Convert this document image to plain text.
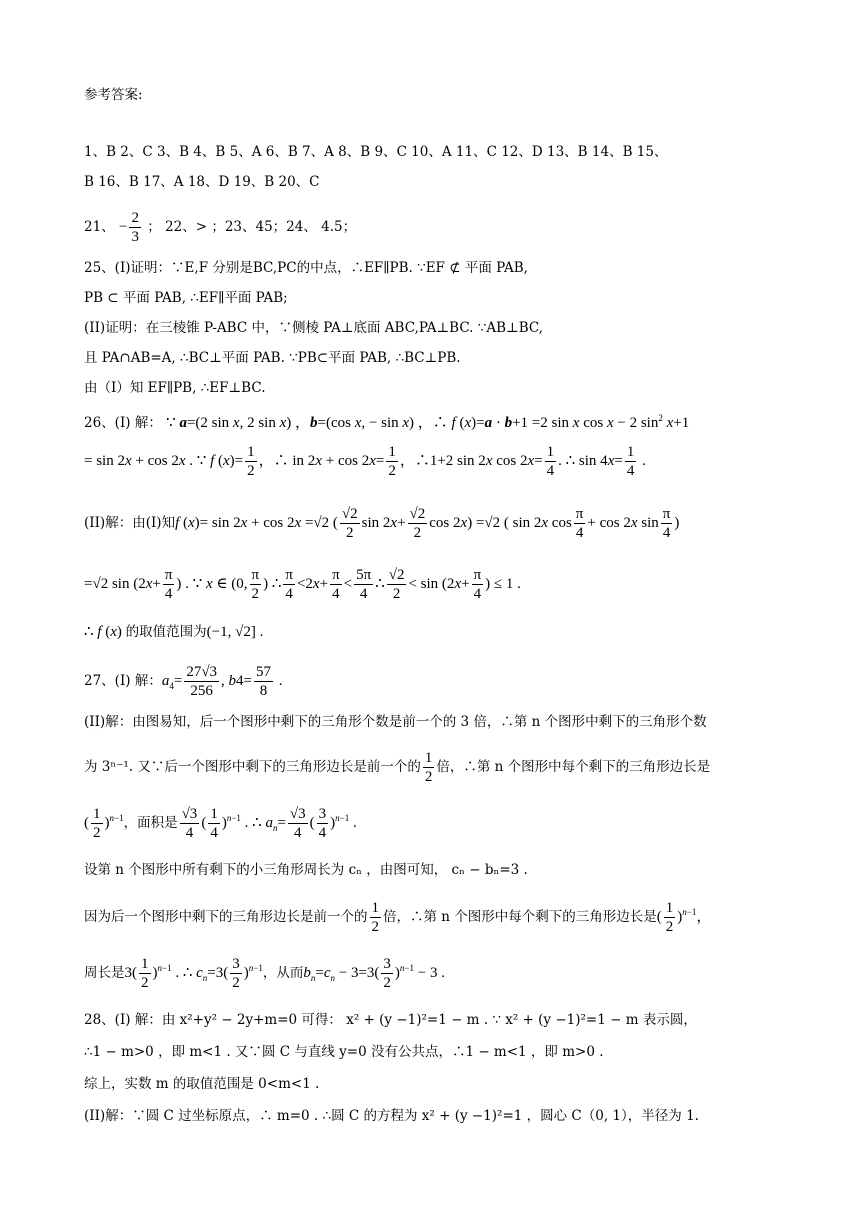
参考答案:
1、B 2、C 3、B 4、B 5、A 6、B 7、A 8、B 9、C 10、A 11、C 12、D 13、B 14、B 15、
B 16、B 17、A 18、D 19、B 20、C
21、 − $\frac{2}{3}$ ； 22、> ；23、45；24、 4.5；
25、(I)证明：∵E,F 分别是BC,PC的中点，∴EF∥PB. ∵EF ⊄ 平面 PAB,
PB ⊂ 平面 PAB, ∴EF∥平面 PAB;
(II)证明：在三棱锥 P-ABC 中，∵侧棱 PA⊥底面 ABC,PA⊥BC. ∵AB⊥BC,
且 PA∩AB=A, ∴BC⊥平面 PAB. ∵PB⊂平面 PAB, ∴BC⊥PB.
由（I）知 EF∥PB, ∴EF⊥BC.
26、(I) 解： ∵ a=(2 sin x, 2 sin x) ，b=(cos x, − sin x) ，∴ f (x)=a · b+1 =2 sin x cos x − 2 $\sin^2 x+1$
= sin 2x + cos 2x . ∵ f $(x)= \frac{1}{2}$ ，∴ in $2x + \cos 2x= \frac{1}{2}$ ，∴1+2 sin 2x $\cos 2x= \frac{1}{4}$ . ∴ $\sin 4x= \frac{1}{4}$ .
(II)解：由(I)知f (x)= sin 2x + cos 2x =√2 ( $\frac{√2}{2}$ $\sin 2x+ \frac{√2}{2}$ cos 2x) =√2 ( sin 2x $\cos \frac{\pi}{4} + \cos 2x$ $\sin \frac{\pi}{4}$ )
=√2 $\sin (2x+ \frac{\pi}{4}$ ) . ∵ x ∈ (0, $\frac{\pi}{2}$ ) ∴ $\frac{\pi}{4} <2x+ \frac{\pi}{4} < \frac{5\pi}{4}$ ∴ $\frac{√2}{2} < \sin (2x+ \frac{\pi}{4}$ ) ≤ 1 .
∴ f (x) 的取值范围为(−1, √2] .
27、(I) 解：$a_4= \frac{27√3}{256}$ , $b4= \frac{57}{8}$ .
(II)解：由图易知，后一个图形中剩下的三角形个数是前一个的 3 倍，∴第 n 个图形中剩下的三角形个数
为 3ⁿ⁻¹. 又∵后一个图形中剩下的三角形边长是前一个的 $\frac{1}{2}$ 倍，∴第 n 个图形中每个剩下的三角形边长是
( $\frac{1}{2} )^{n-1}$，面积是 $\frac{√3}{4}$ ( $\frac{1}{4} )^{n-1}$ . ∴ $a_n= \frac{√3}{4}$ ( $\frac{3}{4} )^{n-1}$ .
设第 n 个图形中所有剩下的小三角形周长为 cₙ ，由图可知， cₙ − bₙ=3 .
因为后一个图形中剩下的三角形边长是前一个的 $\frac{1}{2}$ 倍，∴第 n 个图形中每个剩下的三角形边长是( $\frac{1}{2} )^{n-1}$，
周长是$3( \frac{1}{2} )^{n-1}$ . ∴ $c_n=3( \frac{3}{2} )^{n-1}$，从而$b_n=c_n - 3=3( \frac{3}{2} )^{n-1} - 3$ .
28、(I) 解：由 x²+y² − 2y+m=0 可得： x² + (y −1)²=1 − m . ∵ x² + (y −1)²=1 − m 表示圆，
∴1 − m>0 ，即 m<1 . 又∵圆 C 与直线 y=0 没有公共点，∴1 − m<1 ，即 m>0 .
综上，实数 m 的取值范围是 0<m<1 .
(II)解：∵圆 C 过坐标原点，∴ m=0 . ∴圆 C 的方程为 x² + (y −1)²=1 ，圆心 C（0, 1），半径为 1.
